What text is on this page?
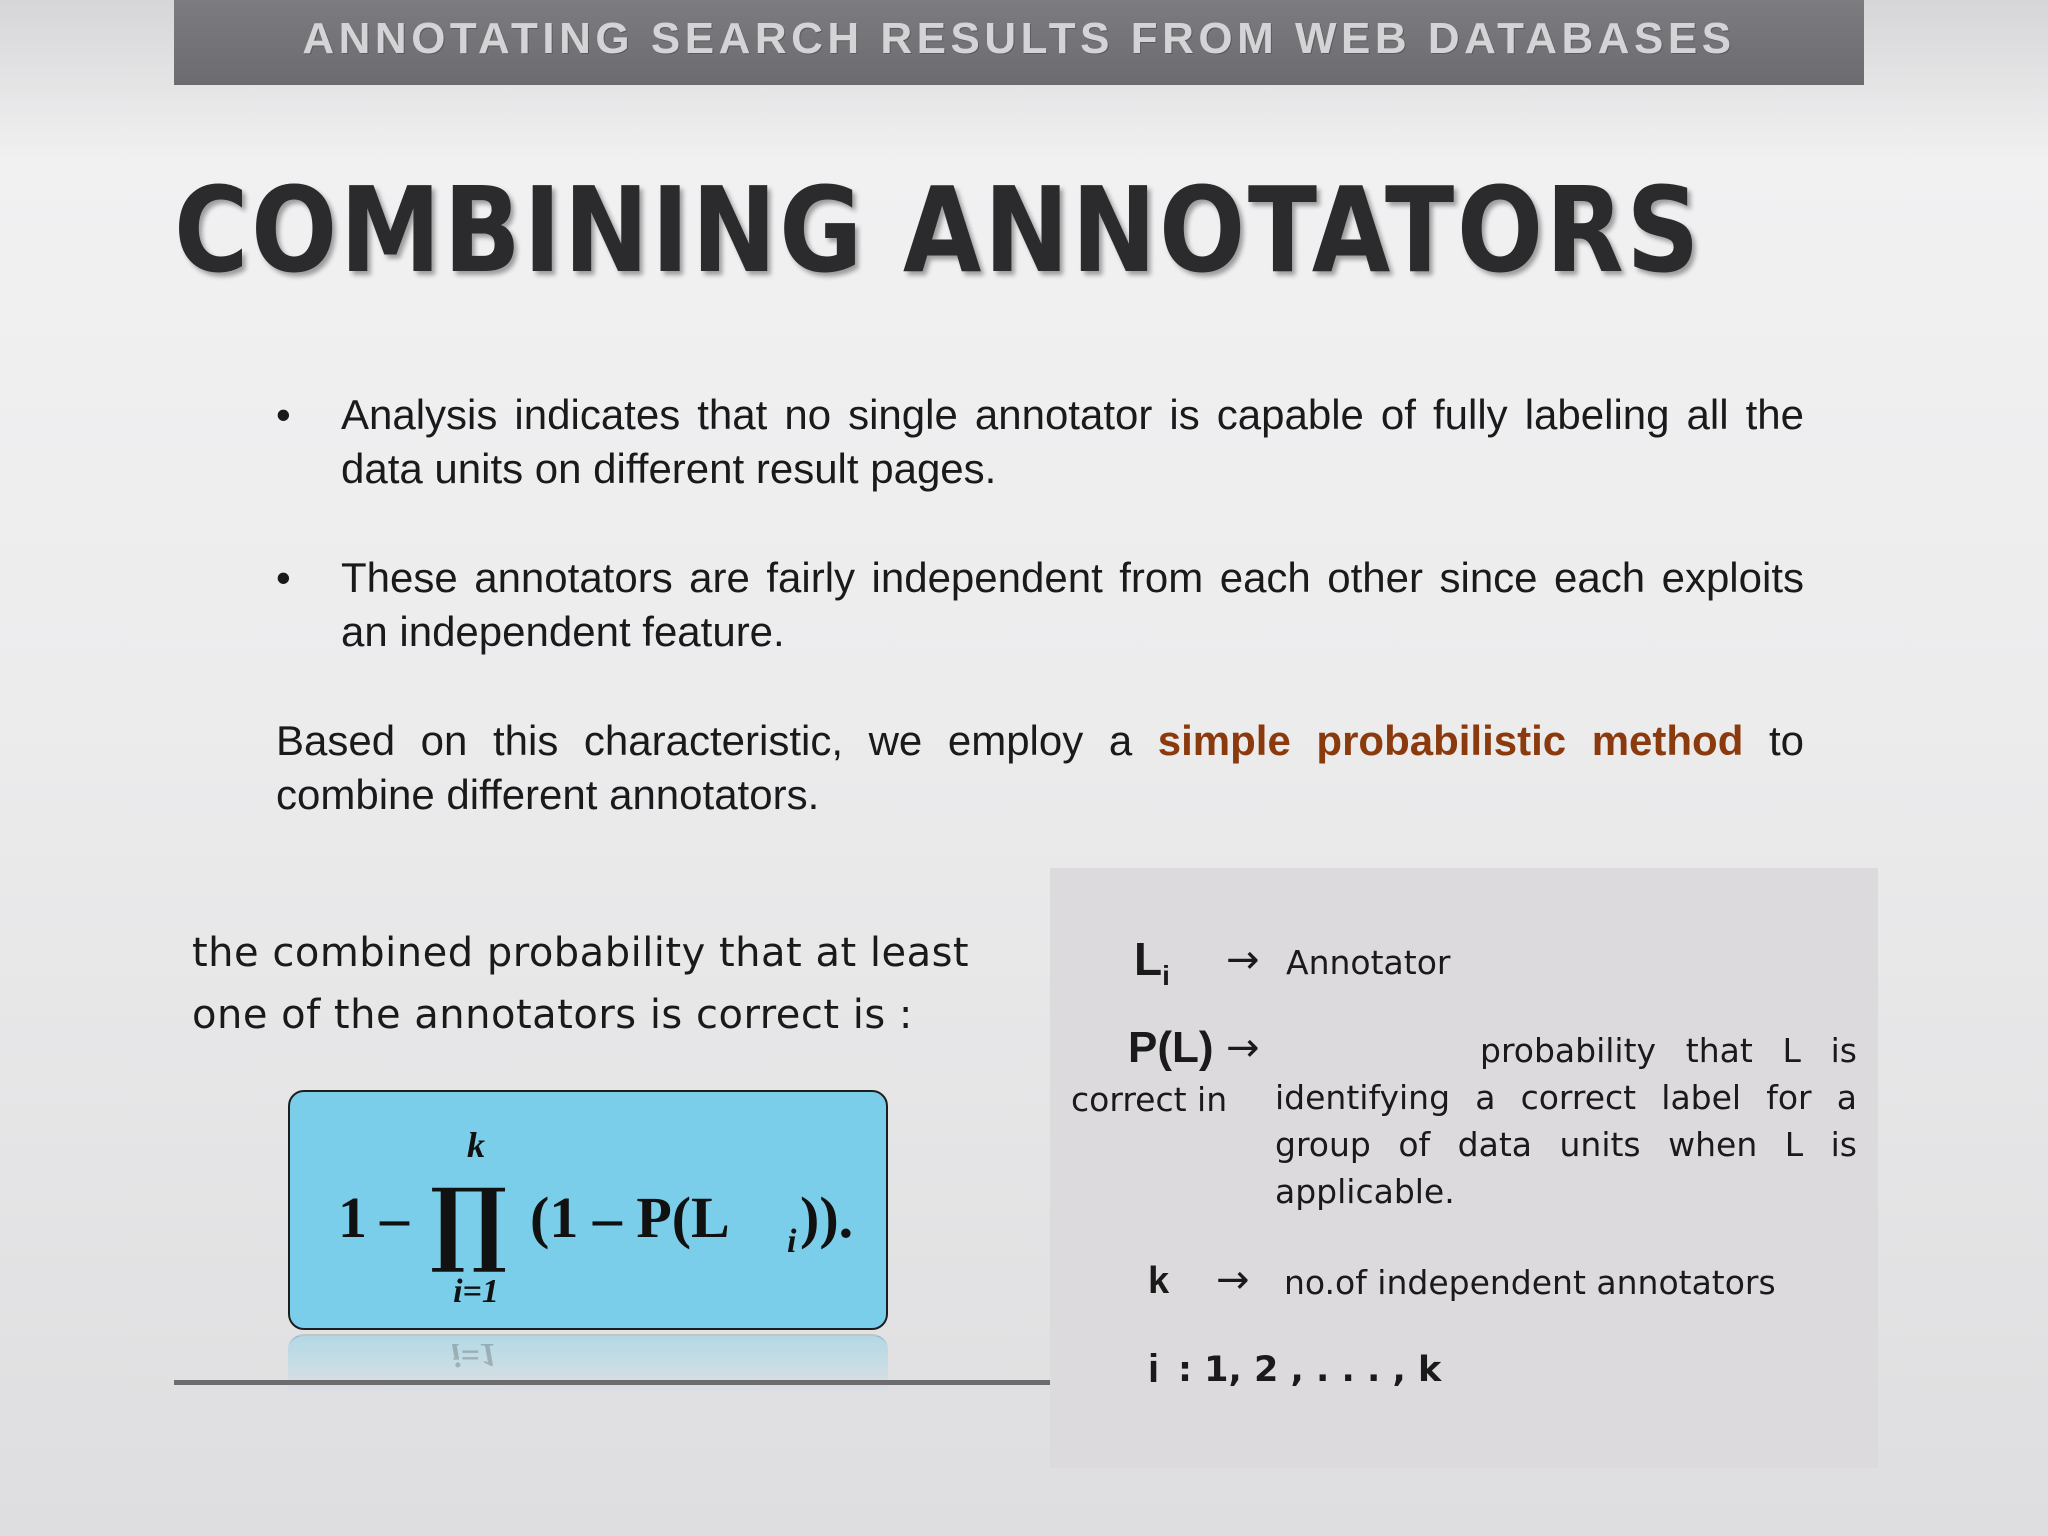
ANNOTATING SEARCH RESULTS FROM WEB DATABASES
COMBINING ANNOTATORS
• Analysis indicates that no single annotator is capable of fully labeling all the data units on different result pages.
• These annotators are fairly independent from each other since each exploits an independent feature.
Based on this characteristic, we employ a simple probabilistic method to combine different annotators.
the combined probability that at least one of the annotators is correct is :
1 – ∏
k
i=1
(1 – P(L i )).
i=1
$L_i$ → Annotator
P(L) →
correct in
probability that L is identifying a correct label for a group of data units when L is applicable.
k → no.of independent annotators
i : 1, 2 , . . . , k
